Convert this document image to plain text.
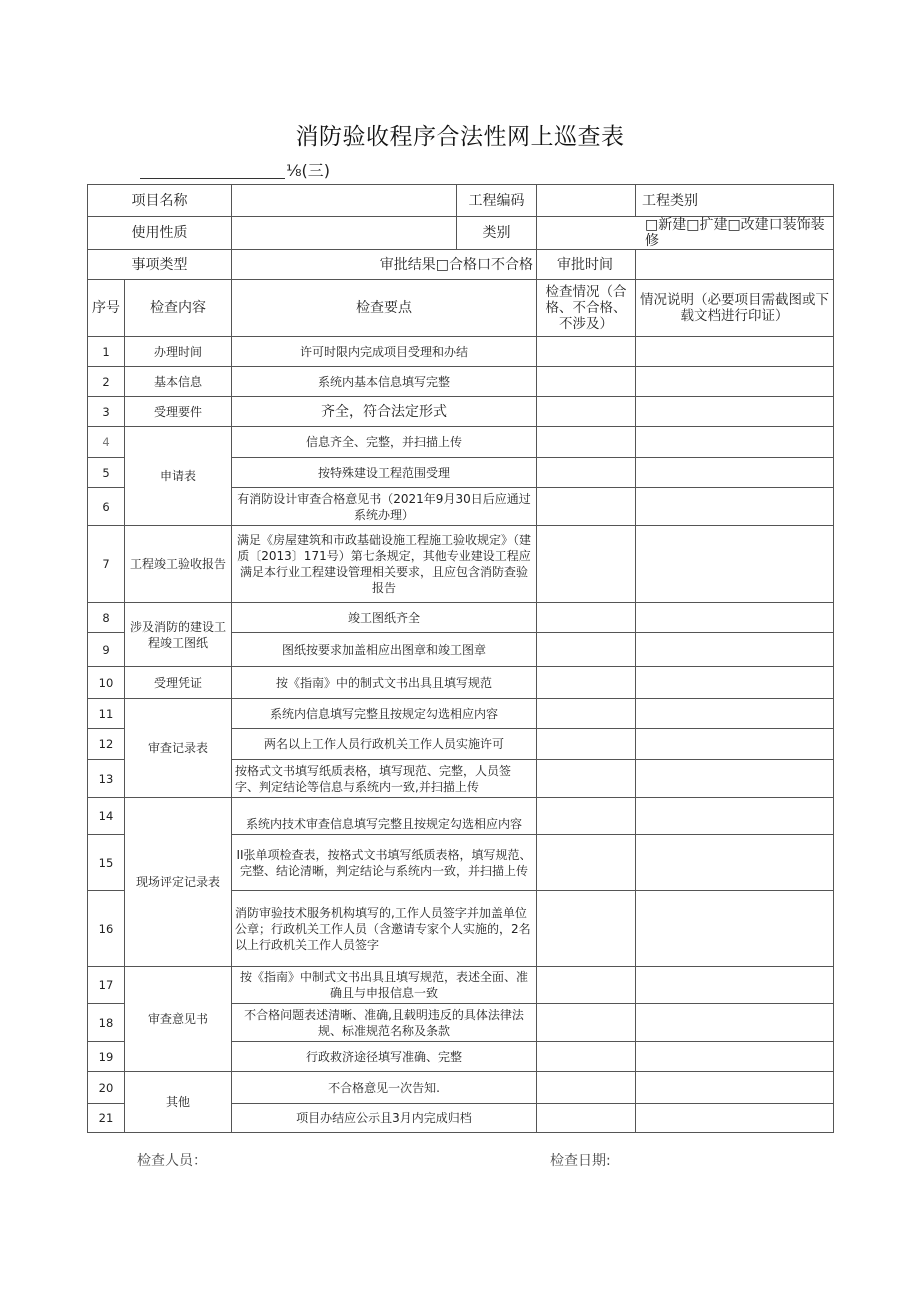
消防验收程序合法性网上巡查表
⅛(三)
项目名称			工程编码		工程类别
使用性质			类别	□新建□扩建□改建口装饰装修	
事项类型		审批结果□合格口不合格		审批时间	
序号	检查内容	检查要点		检查情况（合格、不合格、不涉及）	情况说明（必要项目需截图或下载文档进行印证）
1	办理时间	许可时限内完成项目受理和办结			
2	基本信息	系统内基本信息填写完整			
3	受理要件	齐全，符合法定形式			
4	申请表	信息齐全、完整，并扫描上传			
5		按特殊建设工程范围受理			
6		有消防设计审查合格意见书（2021年9月30日后应通过系统办理）			
7	工程竣工验收报告	满足《房屋建筑和市政基础设施工程施工验收规定》（建质〔2013〕171号）第七条规定，其他专业建设工程应满足本行业工程建设管理相关要求，且应包含消防查验报告			
8	涉及消防的建设工程竣工图纸	竣工图纸齐全			
9		图纸按要求加盖相应出图章和竣工图章			
10	受理凭证	按《指南》中的制式文书出具且填写规范			
11	审查记录表	系统内信息填写完整且按规定勾选相应内容			
12		两名以上工作人员行政机关工作人员实施许可			
13		按格式文书填写纸质表格，填写现范、完整，人员签字、判定结论等信息与系统内一致,并扫描上传			
14	现场评定记录表	系统内技术审查信息填写完整且按规定勾选相应内容			
15		II张单项检查表，按格式文书填写纸质表格，填写规范、完整、结论清晰，判定结论与系统内一致，并扫描上传			
16		消防审验技术服务机构填写的,工作人员签字并加盖单位公章；行政机关工作人员（含邀请专家个人实施的，2名以上行政机关工作人员签字			
17	审查意见书	按《指南》中制式文书出具且填写规范，表述全面、准确且与申报信息一致			
18		不合格问题表述清晰、准确,且载明违反的具体法律法规、标准规范名称及条款			
19		行政救济途径填写准确、完整			
20	其他	不合格意见一次告知.			
21		项目办结应公示且3月内完成归档			
检查人员：	检查日期:
